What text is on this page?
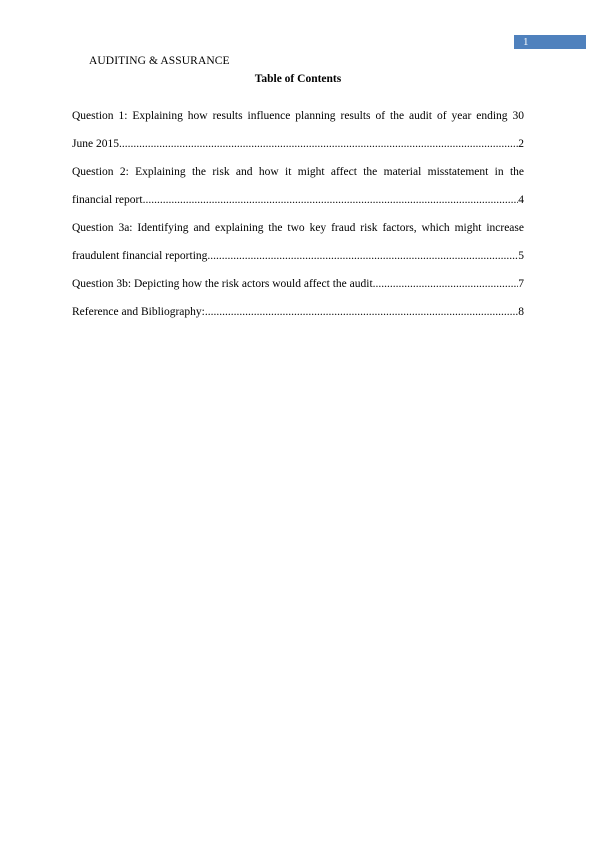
1
AUDITING & ASSURANCE
Table of Contents
Question 1: Explaining how results influence planning results of the audit of year ending 30
June 2015 .....	2
Question 2: Explaining the risk and how it might affect the material misstatement in the
financial report .....	4
Question 3a: Identifying and explaining the two key fraud risk factors, which might increase
fraudulent financial reporting .....	5
Question 3b: Depicting how the risk actors would affect the audit .....	7
Reference and Bibliography: .....	8
